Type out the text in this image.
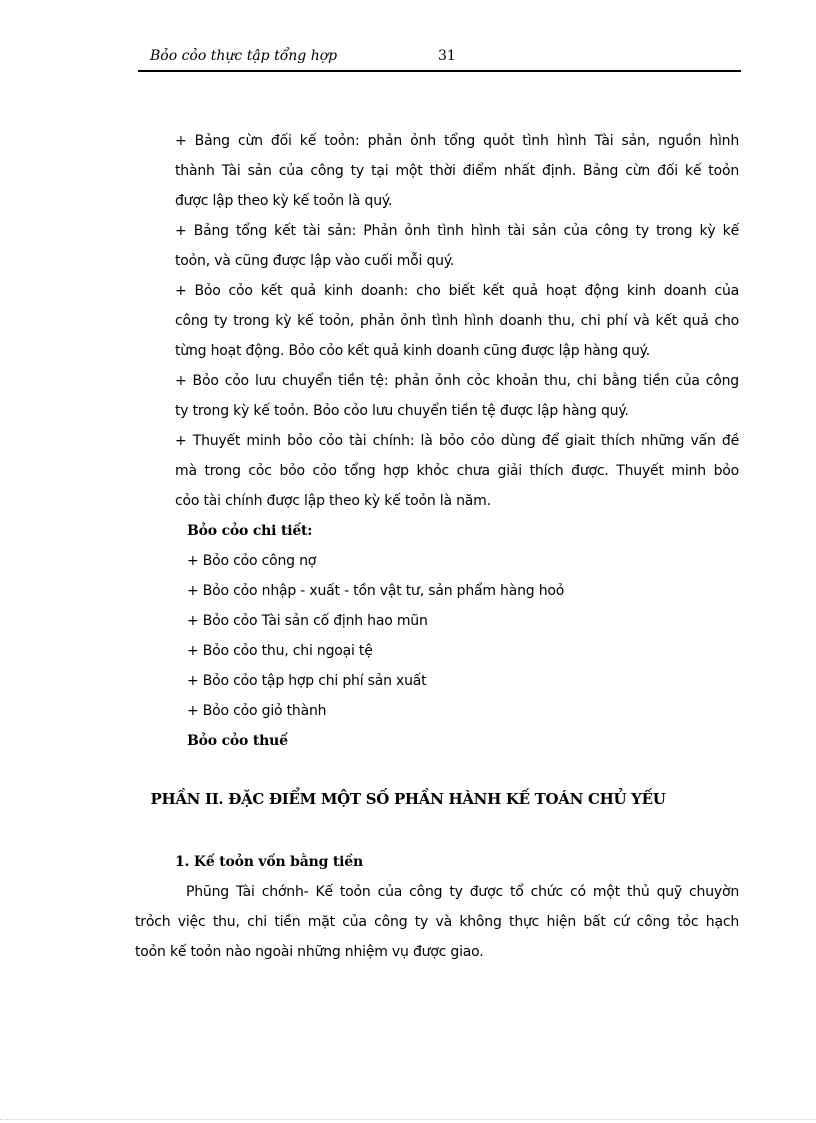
Bỏo cỏo thực tập tổng hợp	31
+ Bảng cừn đối kế toỏn: phản ỏnh tổng quỏt tình hình Tài sản, nguồn hình
thành Tài sản của công ty tại một thời điểm nhất định. Bảng cừn đối kế toỏn
được lập theo kỳ kế toỏn là quý.
+ Bảng tổng kết tài sản: Phản ỏnh tình hình tài sản của công ty trong kỳ kế
toỏn, và cũng được lập vào cuối mỗi quý.
+ Bỏo cỏo kết quả kinh doanh: cho biết kết quả hoạt động kinh doanh của
công ty trong kỳ kế toỏn, phản ỏnh tình hình doanh thu, chi phí và kết quả cho
từng hoạt động. Bỏo cỏo kết quả kinh doanh cũng được lập hàng quý.
+ Bỏo cỏo lưu chuyển tiền tệ: phản ỏnh cỏc khoản thu, chi bằng tiền của công
ty trong kỳ kế toỏn. Bỏo cỏo lưu chuyển tiền tệ được lập hàng quý.
+ Thuyết minh bỏo cỏo tài chính: là bỏo cỏo dùng để giait thích những vấn đề
mà trong cỏc bỏo cỏo tổng hợp khỏc chưa giải thích được. Thuyết minh bỏo
cỏo tài chính được lập theo kỳ kế toỏn là năm.
Bỏo cỏo chi tiết:
+ Bỏo cỏo công nợ
+ Bỏo cỏo nhập - xuất - tồn vật tư, sản phẩm hàng hoỏ
+ Bỏo cỏo Tài sản cố định hao mũn
+ Bỏo cỏo thu, chi ngoại tệ
+ Bỏo cỏo tập hợp chi phí sản xuất
+ Bỏo cỏo giỏ thành
Bỏo cỏo thuế
PHẦN II. ĐẶC ĐIỂM MỘT SỐ PHẦN HÀNH KẾ TOÁN CHỦ YẾU
1. Kế toỏn vốn bằng tiền
Phũng Tài chớnh- Kế toỏn của công ty được tổ chức có một thủ quỹ chuyờn
trỏch việc thu, chi tiền mặt của công ty và không thực hiện bất cứ công tỏc hạch
toỏn kế toỏn nào ngoài những nhiệm vụ được giao.
